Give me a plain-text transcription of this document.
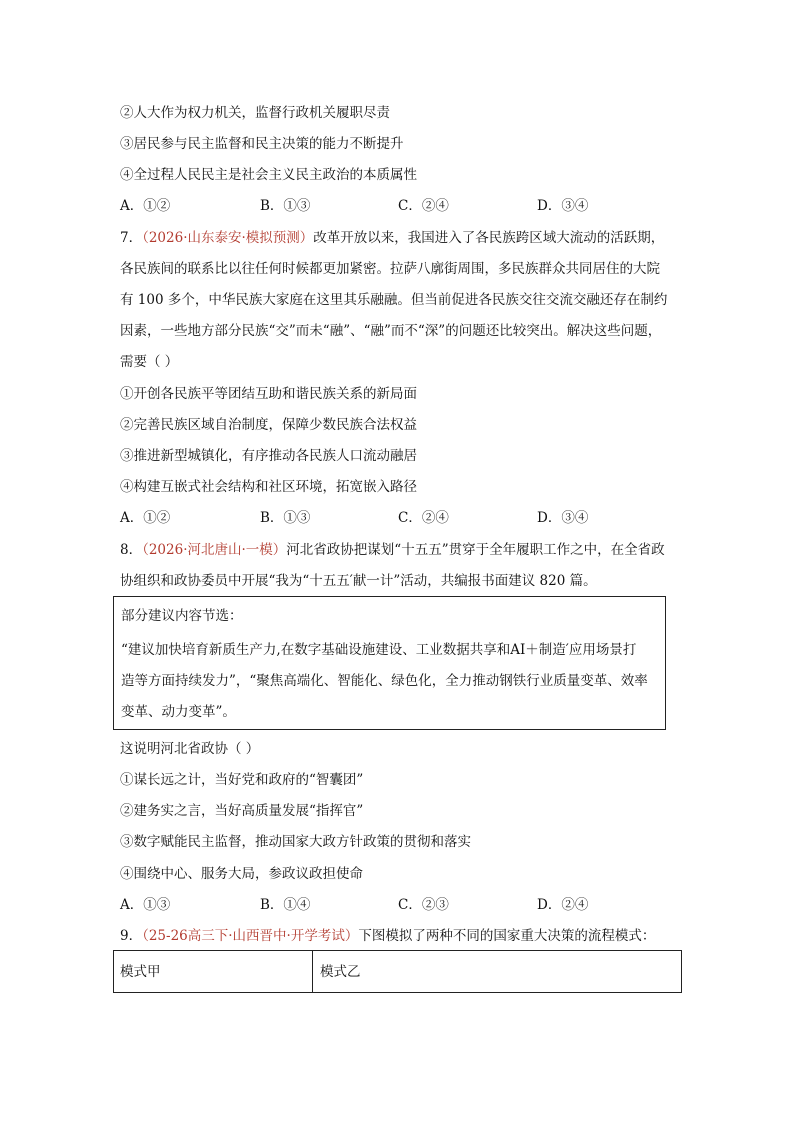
②人大作为权力机关，监督行政机关履职尽责
③居民参与民主监督和民主决策的能力不断提升
④全过程人民民主是社会主义民主政治的本质属性
A．①②	B．①③	C．②④	D．③④
7．（2026·山东泰安·模拟预测）改革开放以来，我国进入了各民族跨区域大流动的活跃期，
各民族间的联系比以往任何时候都更加紧密。拉萨八廓街周围，多民族群众共同居住的大院
有 100 多个，中华民族大家庭在这里其乐融融。但当前促进各民族交往交流交融还存在制约
因素，一些地方部分民族“交”而未“融”、“融”而不“深”的问题还比较突出。解决这些问题，
需要（ ）
①开创各民族平等团结互助和谐民族关系的新局面
②完善民族区域自治制度，保障少数民族合法权益
③推进新型城镇化，有序推动各民族人口流动融居
④构建互嵌式社会结构和社区环境，拓宽嵌入路径
A．①②	B．①③	C．②④	D．③④
8．（2026·河北唐山·一模）河北省政协把谋划“十五五”贯穿于全年履职工作之中，在全省政
协组织和政协委员中开展“我为“十五五′献一计”活动，共编报书面建议 820 篇。
部分建议内容节选：
“建议加快培育新质生产力,在数字基础设施建设、工业数据共享和AI＋制造′应用场景打
造等方面持续发力”，“聚焦高端化、智能化、绿色化，全力推动钢铁行业质量变革、效率
变革、动力变革”。
这说明河北省政协（ ）
①谋长远之计，当好党和政府的“智囊团”
②建务实之言，当好高质量发展“指挥官”
③数字赋能民主监督，推动国家大政方针政策的贯彻和落实
④围绕中心、服务大局，参政议政担使命
A．①③	B．①④	C．②③	D．②④
9．（25-26高三下·山西晋中·开学考试）下图模拟了两种不同的国家重大决策的流程模式：
模式甲	模式乙
